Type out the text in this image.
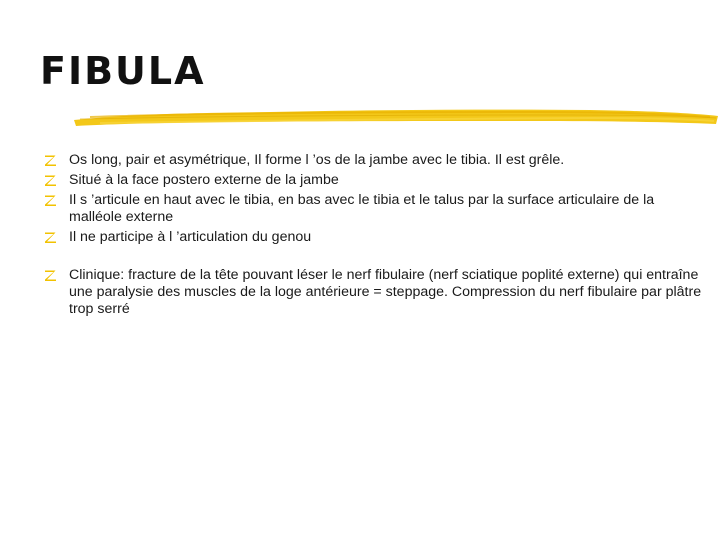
FIBULA
Os long, pair et asymétrique, Il forme l ’os de la jambe avec le tibia. Il est grêle.
Situé à la face postero externe de la jambe
Il s ’articule en haut avec le tibia, en bas avec le tibia et le talus par la surface articulaire de la malléole externe
Il ne participe à l ’articulation du genou
Clinique: fracture de la tête pouvant léser le nerf fibulaire (nerf sciatique poplité externe) qui entraîne une paralysie des muscles de la loge antérieure = steppage. Compression du nerf fibulaire par plâtre trop serré
